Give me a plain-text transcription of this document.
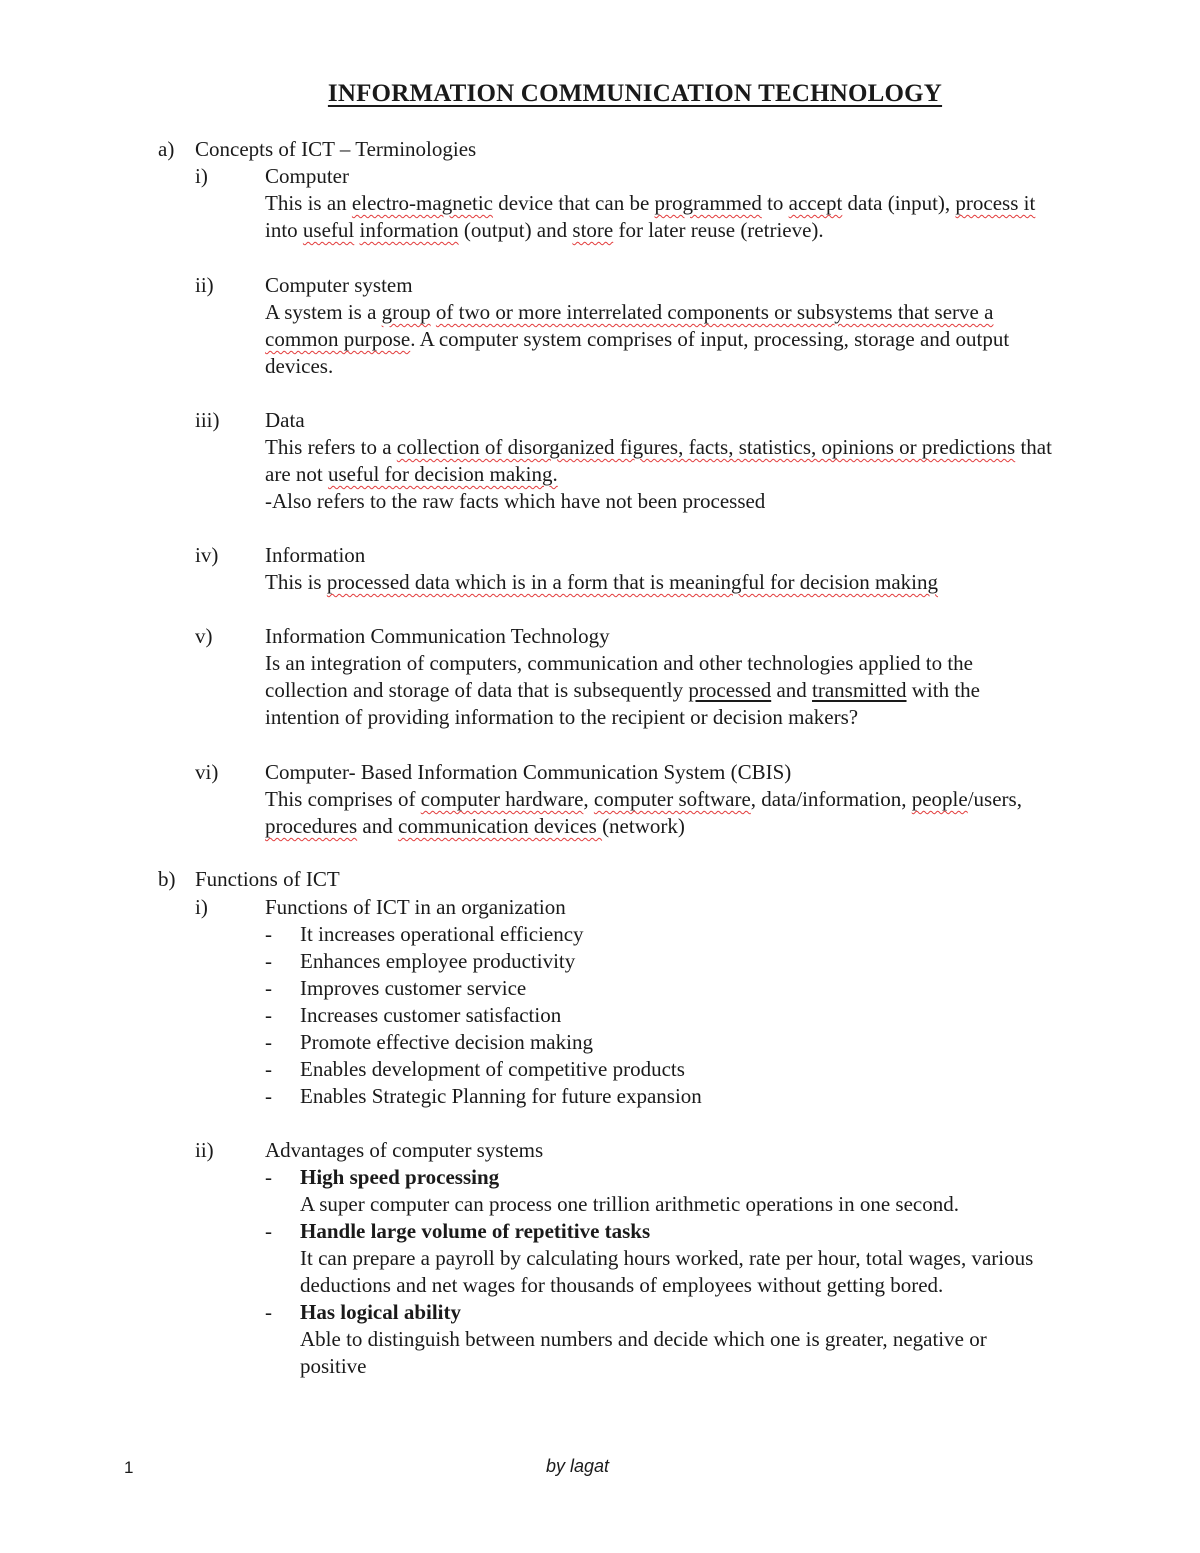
INFORMATION COMMUNICATION TECHNOLOGY
a) Concepts of ICT – Terminologies
i)	Computer
This is an electro-magnetic device that can be programmed to accept data (input), process it
into useful information (output) and store for later reuse (retrieve).
ii) Computer system
A system is a group of two or more interrelated components or subsystems that serve a
common purpose. A computer system comprises of input, processing, storage and output
devices.
iii) Data
This refers to a collection of disorganized figures, facts, statistics, opinions or predictions that
are not useful for decision making.
-Also refers to the raw facts which have not been processed
iv) Information
This is processed data which is in a form that is meaningful for decision making
v)	Information Communication Technology
Is an integration of computers, communication and other technologies applied to the
collection and storage of data that is subsequently processed and transmitted with the
intention of providing information to the recipient or decision makers?
vi) Computer- Based Information Communication System (CBIS)
This comprises of computer hardware, computer software, data/information, people/users,
procedures and communication devices (network)
b) Functions of ICT
i)	Functions of ICT in an organization
- It increases operational efficiency
- Enhances employee productivity
- Improves customer service
- Increases customer satisfaction
- Promote effective decision making
- Enables development of competitive products
- Enables Strategic Planning for future expansion
ii) Advantages of computer systems
- High speed processing
A super computer can process one trillion arithmetic operations in one second.
- Handle large volume of repetitive tasks
It can prepare a payroll by calculating hours worked, rate per hour, total wages, various
deductions and net wages for thousands of employees without getting bored.
- Has logical ability
Able to distinguish between numbers and decide which one is greater, negative or
positive
1	by lagat
